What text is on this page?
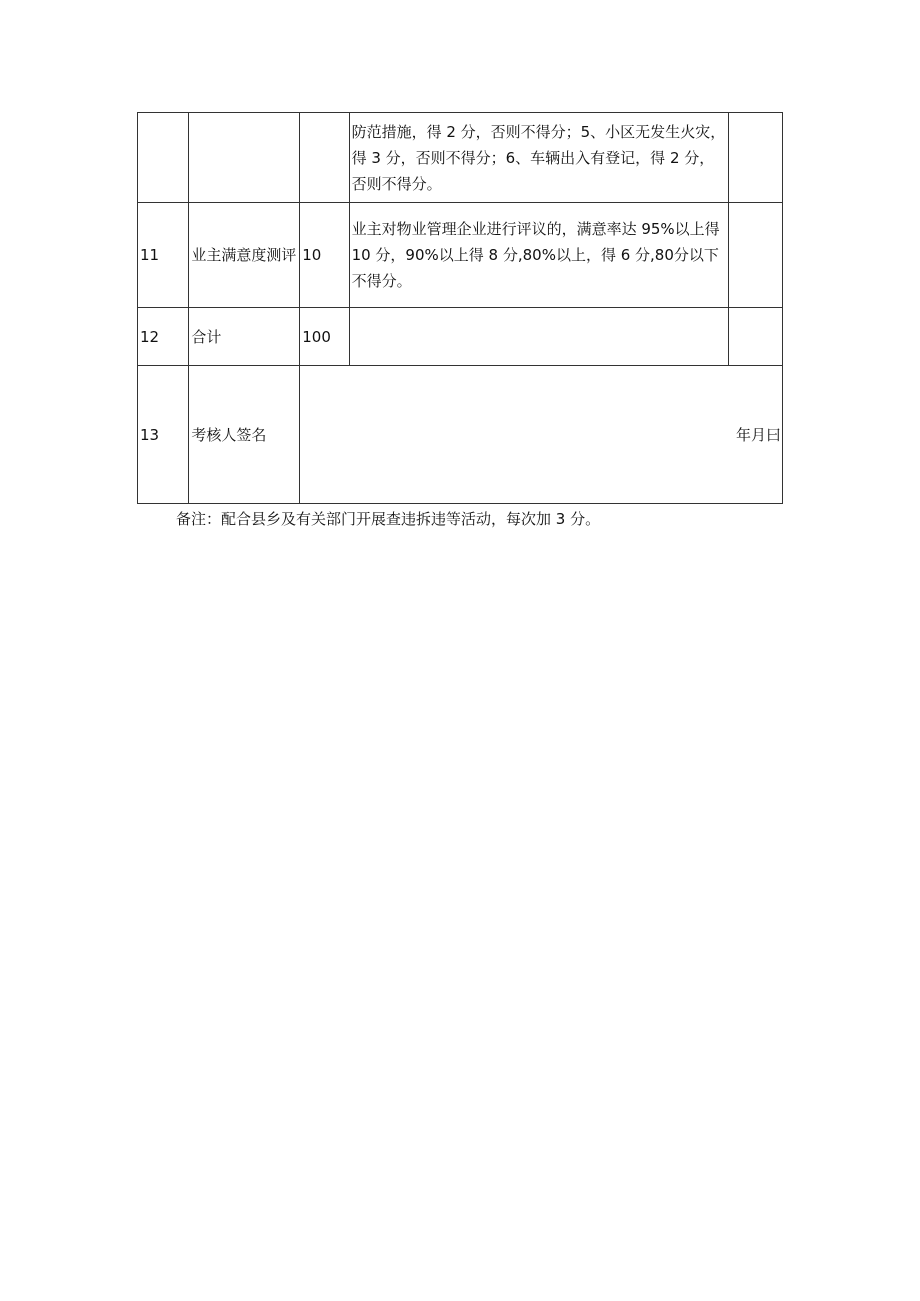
			防范措施，得 2 分，否则不得分；5、小区无发生火灾，得 3 分，否则不得分；6、车辆出入有登记，得 2 分，否则不得分。	
11	业主满意度测评	10	业主对物业管理企业进行评议的，满意率达 95%以上得 10 分，90%以上得 8 分,80%以上，得 6 分,80分以下不得分。	
12	合计	100		
13	考核人签名	年月曰		
备注：配合县乡及有关部门开展查违拆违等活动，每次加 3 分。
